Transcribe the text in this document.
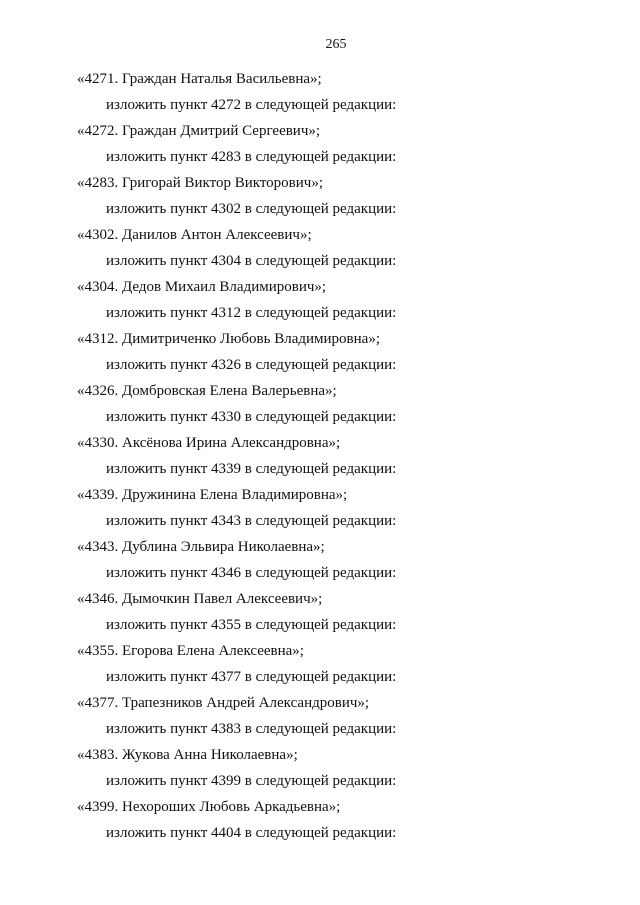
265
«4271. Граждан Наталья Васильевна»;
изложить пункт 4272 в следующей редакции:
«4272. Граждан Дмитрий Сергеевич»;
изложить пункт 4283 в следующей редакции:
«4283. Григорай Виктор Викторович»;
изложить пункт 4302 в следующей редакции:
«4302. Данилов Антон Алексеевич»;
изложить пункт 4304 в следующей редакции:
«4304. Дедов Михаил Владимирович»;
изложить пункт 4312 в следующей редакции:
«4312. Димитриченко Любовь Владимировна»;
изложить пункт 4326 в следующей редакции:
«4326. Домбровская Елена Валерьевна»;
изложить пункт 4330 в следующей редакции:
«4330. Аксёнова Ирина Александровна»;
изложить пункт 4339 в следующей редакции:
«4339. Дружинина Елена Владимировна»;
изложить пункт 4343 в следующей редакции:
«4343. Дублина Эльвира Николаевна»;
изложить пункт 4346 в следующей редакции:
«4346. Дымочкин Павел Алексеевич»;
изложить пункт 4355 в следующей редакции:
«4355. Егорова Елена Алексеевна»;
изложить пункт 4377 в следующей редакции:
«4377. Трапезников Андрей Александрович»;
изложить пункт 4383 в следующей редакции:
«4383. Жукова Анна Николаевна»;
изложить пункт 4399 в следующей редакции:
«4399. Нехороших Любовь Аркадьевна»;
изложить пункт 4404 в следующей редакции:
